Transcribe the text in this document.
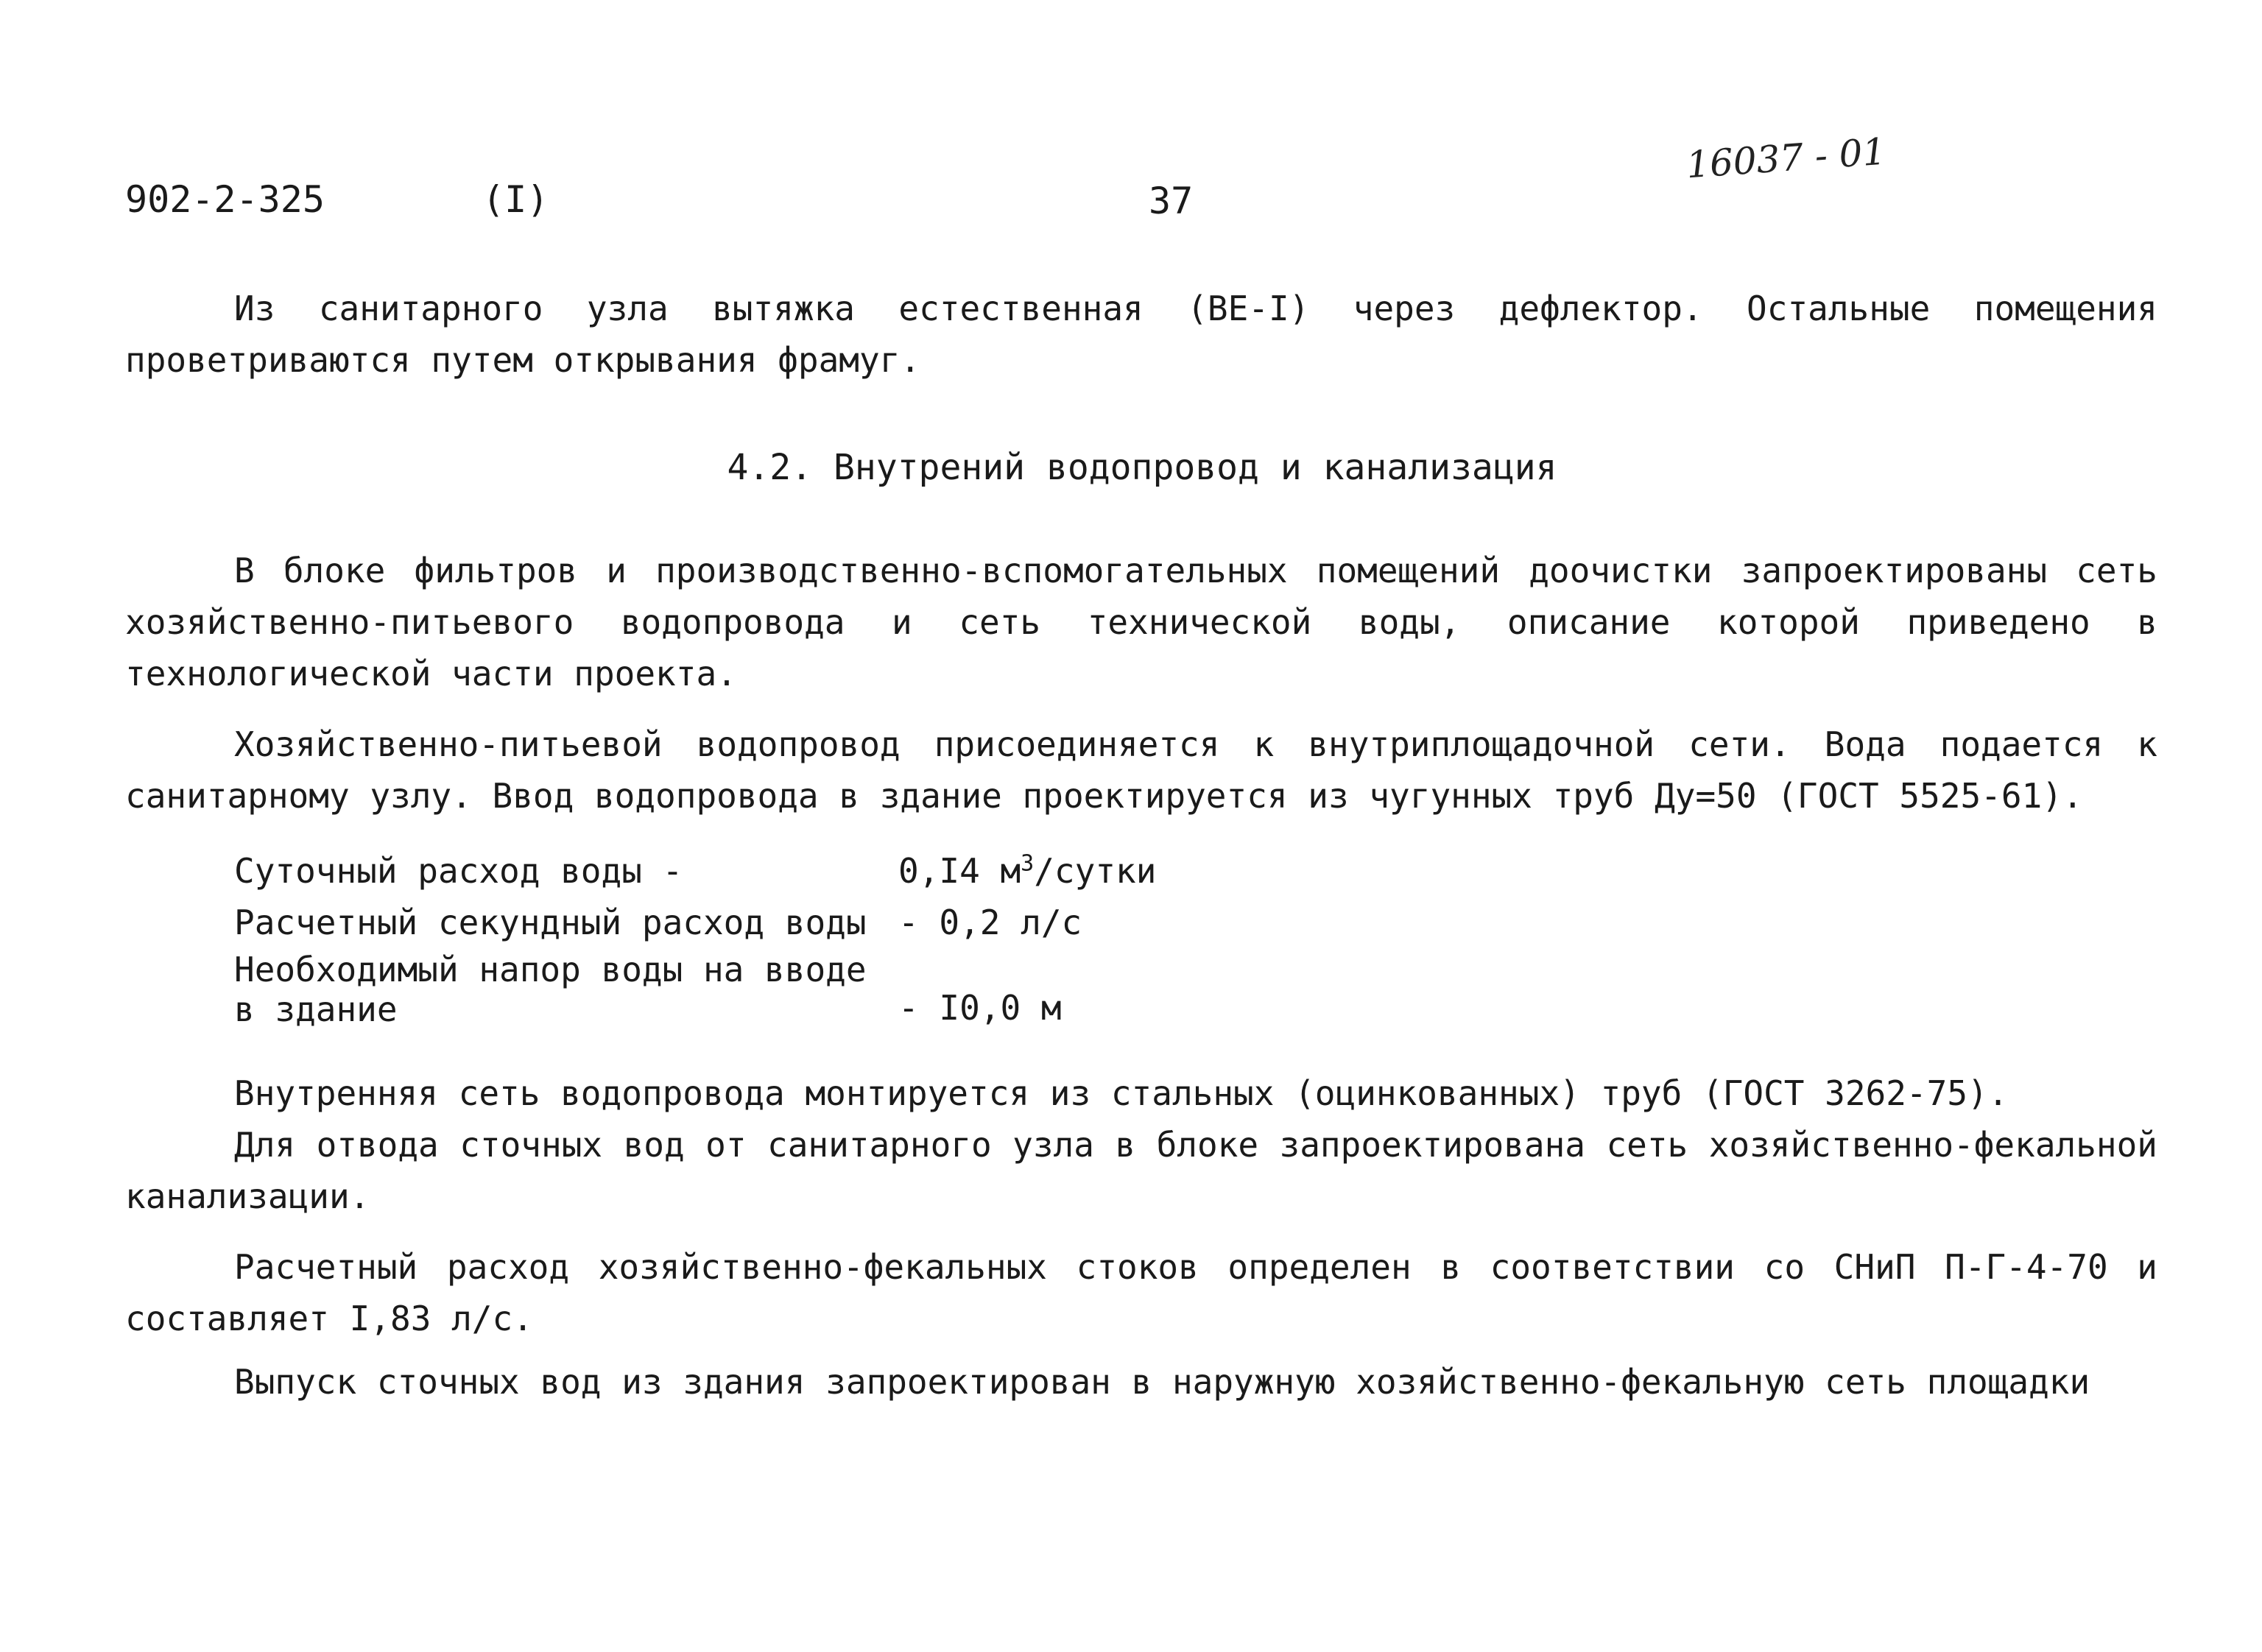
902-2-325	(I)	37
16037 - 01
Из санитарного узла вытяжка естественная (BE-I) через дефлектор. Остальные помещения проветриваются путем открывания фрамуг.
4.2. Внутрений водопровод и канализация
В блоке фильтров и производственно-вспомогательных помещений доочистки запроектированы сеть хозяйственно-питьевого водопровода и сеть технической воды, описание которой приведено в технологической части проекта.
Хозяйственно-питьевой водопровод присоединяется к внутриплощадочной сети. Вода подается к санитарному узлу. Ввод водопровода в здание проектируется из чугунных труб Ду=50 (ГОСТ 5525-61).
Суточный расход воды -	0,I4 $м^3$/сутки
Расчетный секундный расход воды - 0,2 л/с
Необходимый напор воды на вводе
в здание	- I0,0 м
Внутренняя сеть водопровода монтируется из стальных (оцинкованных) труб (ГОСТ 3262-75).
Для отвода сточных вод от санитарного узла в блоке запроектирована сеть хозяйственно-фекальной канализации.
Расчетный расход хозяйственно-фекальных стоков определен в соответствии со СНиП П-Г-4-70 и составляет I,83 л/с.
Выпуск сточных вод из здания запроектирован в наружную хозяйственно-фекальную сеть площадки
